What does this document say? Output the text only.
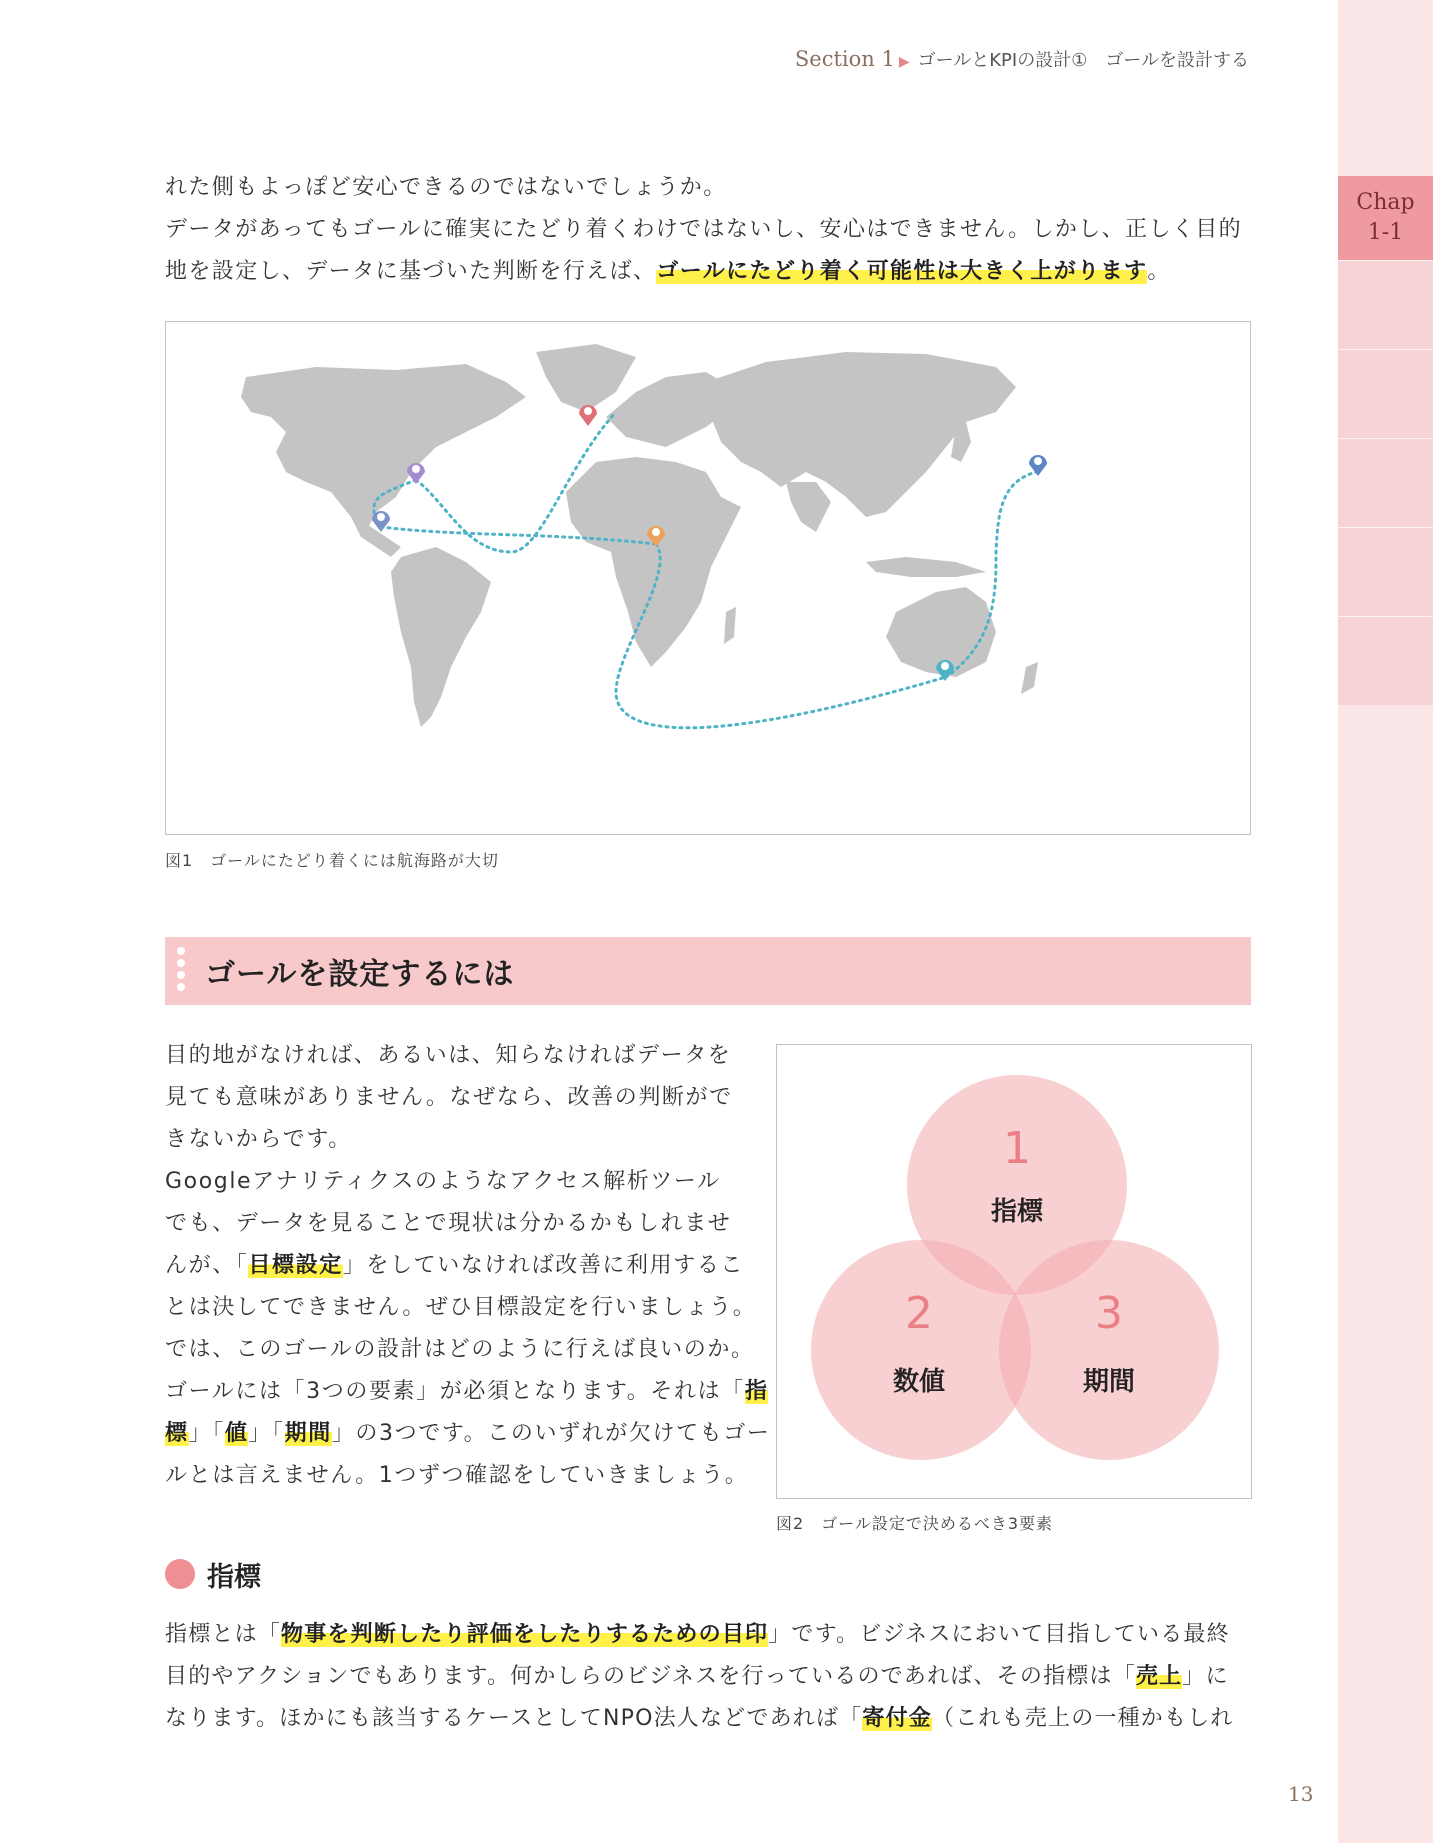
Chap
1-1
Section 1 ▶ ゴールとKPIの設計①　ゴールを設計する
れた側もよっぽど安心できるのではないでしょうか。
データがあってもゴールに確実にたどり着くわけではないし、安心はできません。しかし、正しく目的
地を設定し、データに基づいた判断を行えば、ゴールにたどり着く可能性は大きく上がります。
図1　ゴールにたどり着くには航海路が大切
ゴールを設定するには
目的地がなければ、あるいは、知らなければデータを
見ても意味がありません。なぜなら、改善の判断がで
きないからです。
Googleアナリティクスのようなアクセス解析ツール
でも、データを見ることで現状は分かるかもしれませ
んが、「目標設定」をしていなければ改善に利用するこ
とは決してできません。ぜひ目標設定を行いましょう。
では、このゴールの設計はどのように行えば良いのか。
ゴールには「3つの要素」が必須となります。それは「指
標」「値」「期間」の3つです。このいずれが欠けてもゴー
ルとは言えません。1つずつ確認をしていきましょう。
1
指標
2
数値
3
期間
図2　ゴール設定で決めるべき3要素
指標
指標とは「物事を判断したり評価をしたりするための目印」です。ビジネスにおいて目指している最終
目的やアクションでもあります。何かしらのビジネスを行っているのであれば、その指標は「売上」に
なります。ほかにも該当するケースとしてNPO法人などであれば「寄付金（これも売上の一種かもしれ
13
